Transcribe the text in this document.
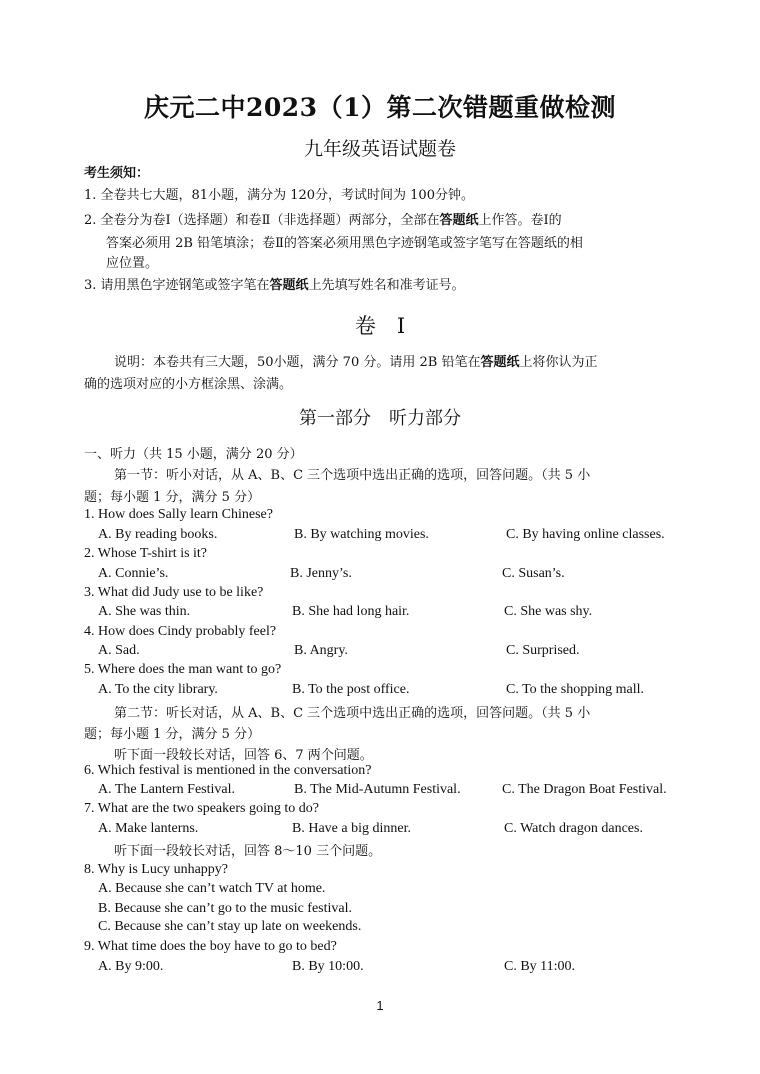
庆元二中2023（1）第二次错题重做检测
九年级英语试题卷
考生须知：
1. 全卷共七大题，81小题，满分为 120分，考试时间为 100分钟。
2. 全卷分为卷Ⅰ（选择题）和卷Ⅱ（非选择题）两部分，全部在答题纸上作答。卷Ⅰ的
答案必须用 2B 铅笔填涂；卷Ⅱ的答案必须用黑色字迹钢笔或签字笔写在答题纸的相
应位置。
3. 请用黑色字迹钢笔或签字笔在答题纸上先填写姓名和准考证号。
卷　Ⅰ
说明：本卷共有三大题，50小题，满分 70 分。请用 2B 铅笔在答题纸上将你认为正
确的选项对应的小方框涂黑、涂满。
第一部分　听力部分
一、听力（共 15 小题，满分 20 分）
第一节：听小对话，从 A、B、C 三个选项中选出正确的选项，回答问题。（共 5 小
题；每小题 1 分，满分 5 分）
1. How does Sally learn Chinese?
A. By reading books.	B. By watching movies.	C. By having online classes.
2. Whose T-shirt is it?
A. Connie’s.	B. Jenny’s.	C. Susan’s.
3. What did Judy use to be like?
A. She was thin.	B. She had long hair.	C. She was shy.
4. How does Cindy probably feel?
A. Sad.	B. Angry.	C. Surprised.
5. Where does the man want to go?
A. To the city library.	B. To the post office.	C. To the shopping mall.
第二节：听长对话，从 A、B、C 三个选项中选出正确的选项，回答问题。（共 5 小
题；每小题 1 分，满分 5 分）
听下面一段较长对话，回答 6、7 两个问题。
6. Which festival is mentioned in the conversation?
A. The Lantern Festival.	B. The Mid-Autumn Festival.	C. The Dragon Boat Festival.
7. What are the two speakers going to do?
A. Make lanterns.	B. Have a big dinner.	C. Watch dragon dances.
听下面一段较长对话，回答 8～10 三个问题。
8. Why is Lucy unhappy?
A. Because she can’t watch TV at home.
B. Because she can’t go to the music festival.
C. Because she can’t stay up late on weekends.
9. What time does the boy have to go to bed?
A. By 9:00.	B. By 10:00.	C. By 11:00.
1
